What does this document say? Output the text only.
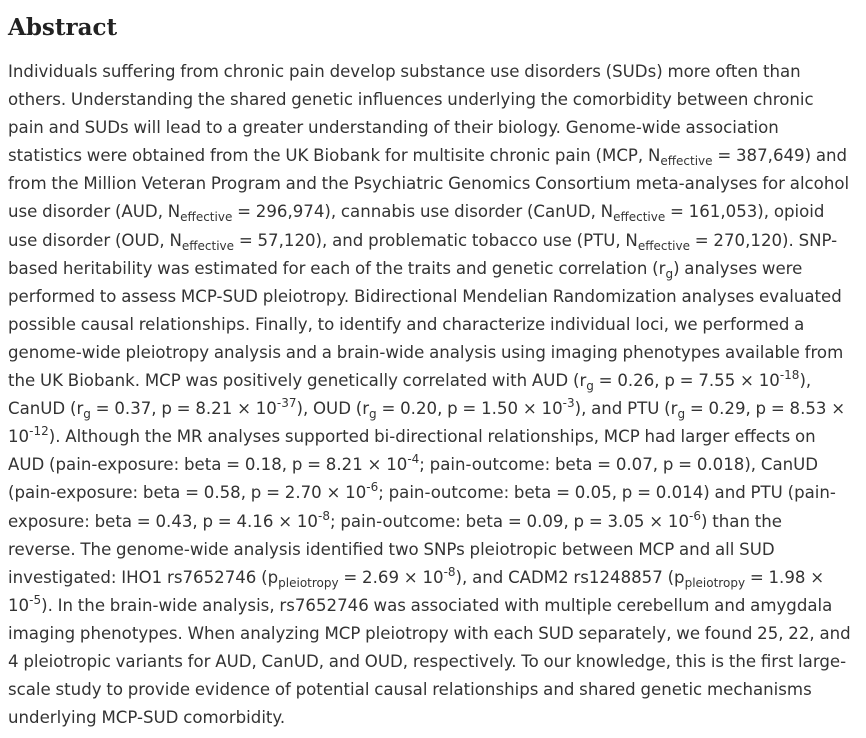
Abstract

Individuals suffering from chronic pain develop substance use disorders (SUDs) more often than others. Understanding the shared genetic influences underlying the comorbidity between chronic pain and SUDs will lead to a greater understanding of their biology. Genome-wide association statistics were obtained from the UK Biobank for multisite chronic pain (MCP, $N_{effective} = 387,649$) and from the Million Veteran Program and the Psychiatric Genomics Consortium meta-analyses for alcohol use disorder (AUD, $N_{effective} = 296,974$), cannabis use disorder (CanUD, $N_{effective} = 161,053$), opioid use disorder (OUD, $N_{effective} = 57,120$), and problematic tobacco use (PTU, $N_{effective} = 270,120$). SNP-based heritability was estimated for each of the traits and genetic correlation $(r_g)$ analyses were performed to assess MCP-SUD pleiotropy. Bidirectional Mendelian Randomization analyses evaluated possible causal relationships. Finally, to identify and characterize individual loci, we performed a genome-wide pleiotropy analysis and a brain-wide analysis using imaging phenotypes available from the UK Biobank. MCP was positively genetically correlated with AUD ($r_g = 0.26$, $p = 7.55 \times 10^{-18}$), CanUD ($r_g = 0.37$, $p = 8.21 \times 10^{-37}$), OUD ($r_g = 0.20$, $p = 1.50 \times 10^{-3}$), and PTU ($r_g = 0.29$, $p = 8.53 \times 10^{-12}$). Although the MR analyses supported bi-directional relationships, MCP had larger effects on AUD (pain-exposure: beta = 0.18, $p = 8.21 \times 10^{-4}$; pain-outcome: beta = 0.07, p = 0.018), CanUD (pain-exposure: beta = 0.58, $p = 2.70 \times 10^{-6}$; pain-outcome: beta = 0.05, p = 0.014) and PTU (pain-exposure: beta = 0.43, $p = 4.16 \times 10^{-8}$; pain-outcome: beta = 0.09, $p = 3.05 \times 10^{-6}$) than the reverse. The genome-wide analysis identified two SNPs pleiotropic between MCP and all SUD investigated: IHO1 rs7652746 $(p_{pleiotropy} = 2.69 \times 10^{-8})$, and CADM2 rs1248857 $(p_{pleiotropy} = 1.98 \times 10^{-5})$. In the brain-wide analysis, rs7652746 was associated with multiple cerebellum and amygdala imaging phenotypes. When analyzing MCP pleiotropy with each SUD separately, we found 25, 22, and 4 pleiotropic variants for AUD, CanUD, and OUD, respectively. To our knowledge, this is the first large-scale study to provide evidence of potential causal relationships and shared genetic mechanisms underlying MCP-SUD comorbidity.
